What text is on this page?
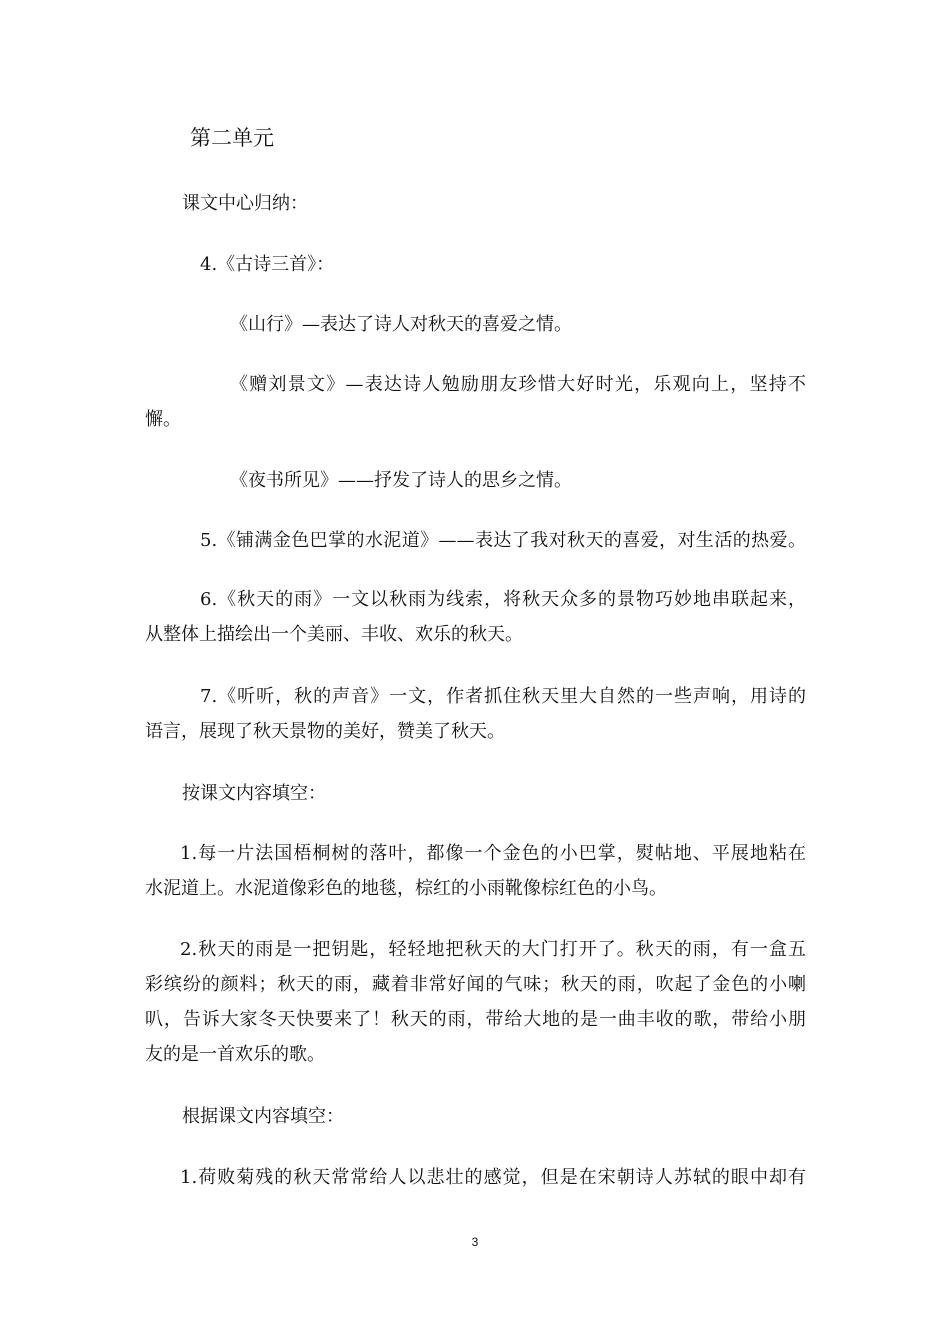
第二单元
课文中心归纳：
4.《古诗三首》：
《山行》—表达了诗人对秋天的喜爱之情。
《赠刘景文》—表达诗人勉励朋友珍惜大好时光，乐观向上，坚持不
懈。
《夜书所见》——抒发了诗人的思乡之情。
5.《铺满金色巴掌的水泥道》——表达了我对秋天的喜爱，对生活的热爱。
6.《秋天的雨》一文以秋雨为线索，将秋天众多的景物巧妙地串联起来，
从整体上描绘出一个美丽、丰收、欢乐的秋天。
7.《听听，秋的声音》一文，作者抓住秋天里大自然的一些声响，用诗的
语言，展现了秋天景物的美好，赞美了秋天。
按课文内容填空：
1.每一片法国梧桐树的落叶，都像一个金色的小巴掌，熨帖地、平展地粘在
水泥道上。水泥道像彩色的地毯，棕红的小雨靴像棕红色的小鸟。
2.秋天的雨是一把钥匙，轻轻地把秋天的大门打开了。秋天的雨，有一盒五
彩缤纷的颜料；秋天的雨，藏着非常好闻的气味；秋天的雨，吹起了金色的小喇
叭，告诉大家冬天快要来了！秋天的雨，带给大地的是一曲丰收的歌，带给小朋
友的是一首欢乐的歌。
根据课文内容填空：
1.荷败菊残的秋天常常给人以悲壮的感觉，但是在宋朝诗人苏轼的眼中却有
3
